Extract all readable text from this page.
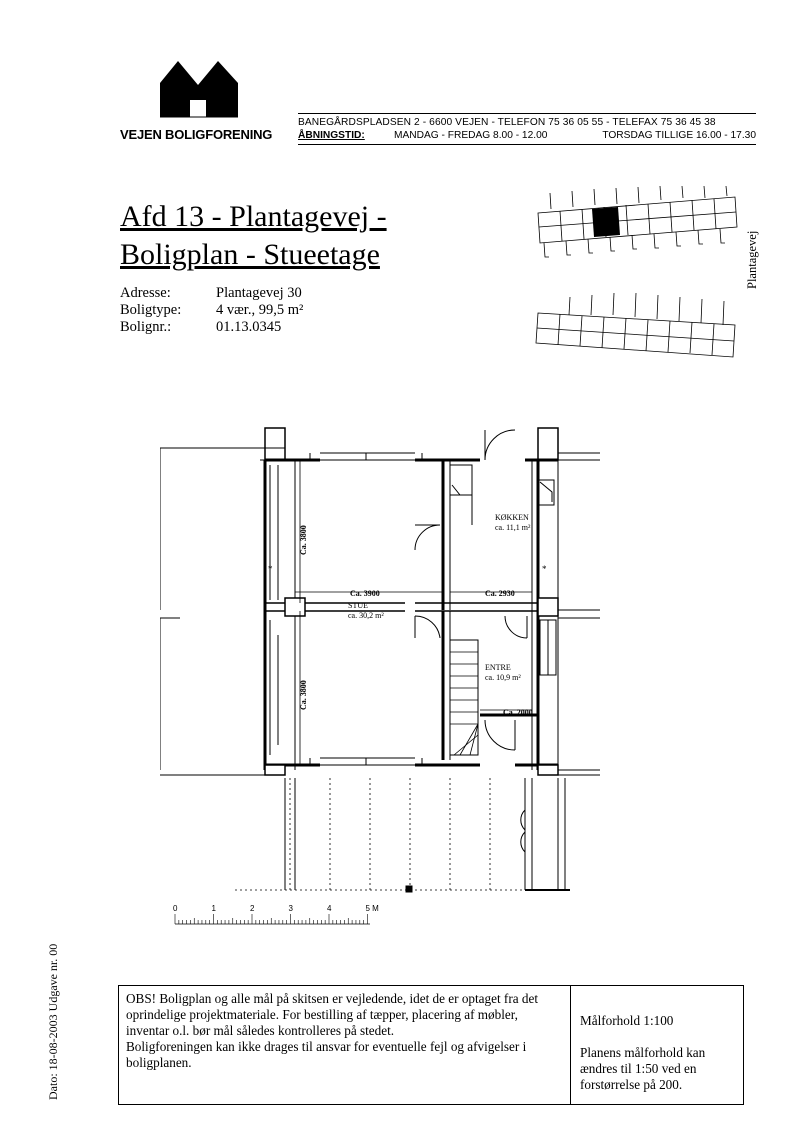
VEJEN BOLIGFORENING
BANEGÅRDSPLADSEN 2 - 6600 VEJEN - TELEFON 75 36 05 55 - TELEFAX 75 36 45 38
ÅBNINGSTID:	MANDAG - FREDAG 8.00 - 12.00	TORSDAG TILLIGE 16.00 - 17.30
Afd 13 - Plantagevej -
Boligplan - Stueetage
Adresse:	Plantagevej 30
Boligtype: 4 vær., 99,5 m²
Bolignr.:	01.13.0345
Plantagevej
KØKKEN
ca. 11,1 m²
STUE
ca. 30,2 m²
ENTRE
ca. 10,9 m²
Ca. 3900	Ca. 2930
Ca. 2000
Ca. 3800
Ca. 3800
*	*
0	1	2	3	4	5 M
Dato: 18-08-2003 Udgave nr. 00	OBS! Boligplan og alle mål på skitsen er vejledende, idet de er optaget fra det oprindelige projektmateriale. For bestilling af tæpper, placering af møbler, inventar o.l. bør mål således kontrolleres på stedet.

Boligforeningen kan ikke drages til ansvar for eventuelle fejl og afvigelser i boligplanen.

Målforhold 1:100

Planens målforhold kan ændres til 1:50 ved en forstørrelse på 200.
